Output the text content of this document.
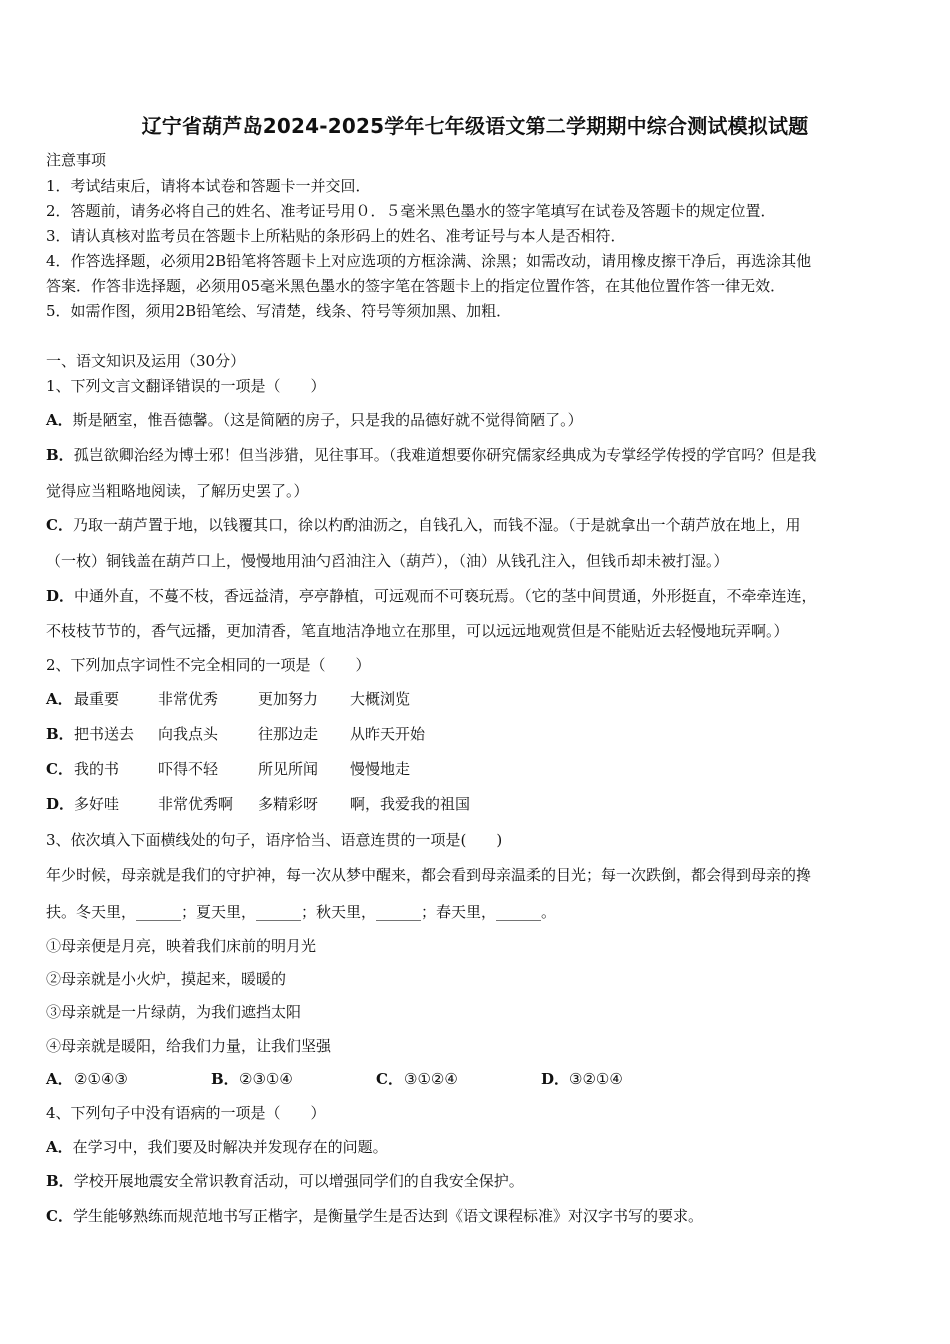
辽宁省葫芦岛2024-2025学年七年级语文第二学期期中综合测试模拟试题
注意事项
1．考试结束后，请将本试卷和答题卡一并交回．
2．答题前，请务必将自己的姓名、准考证号用０．５毫米黑色墨水的签字笔填写在试卷及答题卡的规定位置．
3．请认真核对监考员在答题卡上所粘贴的条形码上的姓名、准考证号与本人是否相符．
4．作答选择题，必须用2B铅笔将答题卡上对应选项的方框涂满、涂黑；如需改动，请用橡皮擦干净后，再选涂其他
答案．作答非选择题，必须用05毫米黑色墨水的签字笔在答题卡上的指定位置作答，在其他位置作答一律无效．
5．如需作图，须用2B铅笔绘、写清楚，线条、符号等须加黑、加粗．
一、语文知识及运用（30分）
1、下列文言文翻译错误的一项是（　　）
A．斯是陋室，惟吾德馨。（这是简陋的房子，只是我的品德好就不觉得简陋了。）
B．孤岂欲卿治经为博士邪！但当涉猎，见往事耳。（我难道想要你研究儒家经典成为专掌经学传授的学官吗？但是我
觉得应当粗略地阅读，了解历史罢了。）
C．乃取一葫芦置于地，以钱覆其口，徐以杓酌油沥之，自钱孔入，而钱不湿。（于是就拿出一个葫芦放在地上，用
（一枚）铜钱盖在葫芦口上，慢慢地用油勺舀油注入（葫芦），（油）从钱孔注入，但钱币却未被打湿。）
D．中通外直，不蔓不枝，香远益清，亭亭静植，可远观而不可亵玩焉。（它的茎中间贯通，外形挺直，不牵牵连连，
不枝枝节节的，香气远播，更加清香，笔直地洁净地立在那里，可以远远地观赏但是不能贴近去轻慢地玩弄啊。）
2、下列加点字词性不完全相同的一项是（　　）
A． 最重要	非常优秀	更加努力 大概浏览
B． 把书送去 向我点头	往那边走 从昨天开始
C． 我的书	吓得不轻	所见所闻 慢慢地走
D． 多好哇	非常优秀啊 多精彩呀 啊，我爱我的祖国
3、依次填入下面横线处的句子，语序恰当、语意连贯的一项是(　　)
年少时候，母亲就是我们的守护神，每一次从梦中醒来，都会看到母亲温柔的目光；每一次跌倒，都会得到母亲的搀
扶。冬天里，______；夏天里，______；秋天里，______；春天里，______。
①母亲便是月亮，映着我们床前的明月光
②母亲就是小火炉，摸起来，暖暖的
③母亲就是一片绿荫，为我们遮挡太阳
④母亲就是暖阳，给我们力量，让我们坚强
A． ②①④③	B． ②③①④	C． ③①②④	D． ③②①④
4、下列句子中没有语病的一项是（　　）
A．在学习中，我们要及时解决并发现存在的问题。
B．学校开展地震安全常识教育活动，可以增强同学们的自我安全保护。
C．学生能够熟练而规范地书写正楷字，是衡量学生是否达到《语文课程标准》对汉字书写的要求。
